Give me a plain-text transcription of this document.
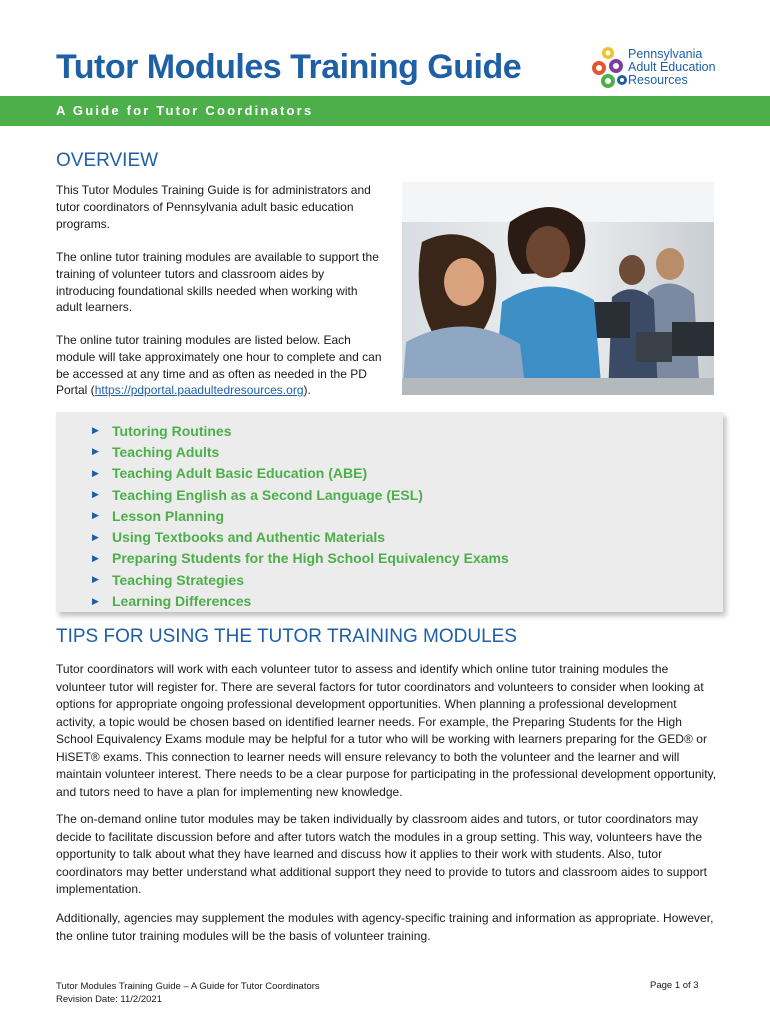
Tutor Modules Training Guide	Pennsylvania
Adult Education
Resources
A Guide for Tutor Coordinators
OVERVIEW
This Tutor Modules Training Guide is for administrators and tutor coordinators of Pennsylvania adult basic education programs.
The online tutor training modules are available to support the training of volunteer tutors and classroom aides by introducing foundational skills needed when working with adult learners.
The online tutor training modules are listed below. Each module will take approximately one hour to complete and can be accessed at any time and as often as needed in the PD Portal (https://pdportal.paadultedresources.org).
▶ Tutoring Routines
▶ Teaching Adults
▶ Teaching Adult Basic Education (ABE)
▶ Teaching English as a Second Language (ESL)
▶ Lesson Planning
▶ Using Textbooks and Authentic Materials
▶ Preparing Students for the High School Equivalency Exams
▶ Teaching Strategies
▶ Learning Differences
TIPS FOR USING THE TUTOR TRAINING MODULES
Tutor coordinators will work with each volunteer tutor to assess and identify which online tutor training modules the volunteer tutor will register for. There are several factors for tutor coordinators and volunteers to consider when looking at options for appropriate ongoing professional development opportunities. When planning a professional development activity, a topic would be chosen based on identified learner needs. For example, the Preparing Students for the High School Equivalency Exams module may be helpful for a tutor who will be working with learners preparing for the GED® or HiSET® exams. This connection to learner needs will ensure relevancy to both the volunteer and the learner and will maintain volunteer interest. There needs to be a clear purpose for participating in the professional development opportunity, and tutors need to have a plan for implementing new knowledge.
The on-demand online tutor modules may be taken individually by classroom aides and tutors, or tutor coordinators may decide to facilitate discussion before and after tutors watch the modules in a group setting. This way, volunteers have the opportunity to talk about what they have learned and discuss how it applies to their work with students. Also, tutor coordinators may better understand what additional support they need to provide to tutors and classroom aides to support implementation.
Additionally, agencies may supplement the modules with agency-specific training and information as appropriate. However, the online tutor training modules will be the basis of volunteer training.
Tutor Modules Training Guide – A Guide for Tutor Coordinators
Revision Date: 11/2/2021
Page 1 of 3
